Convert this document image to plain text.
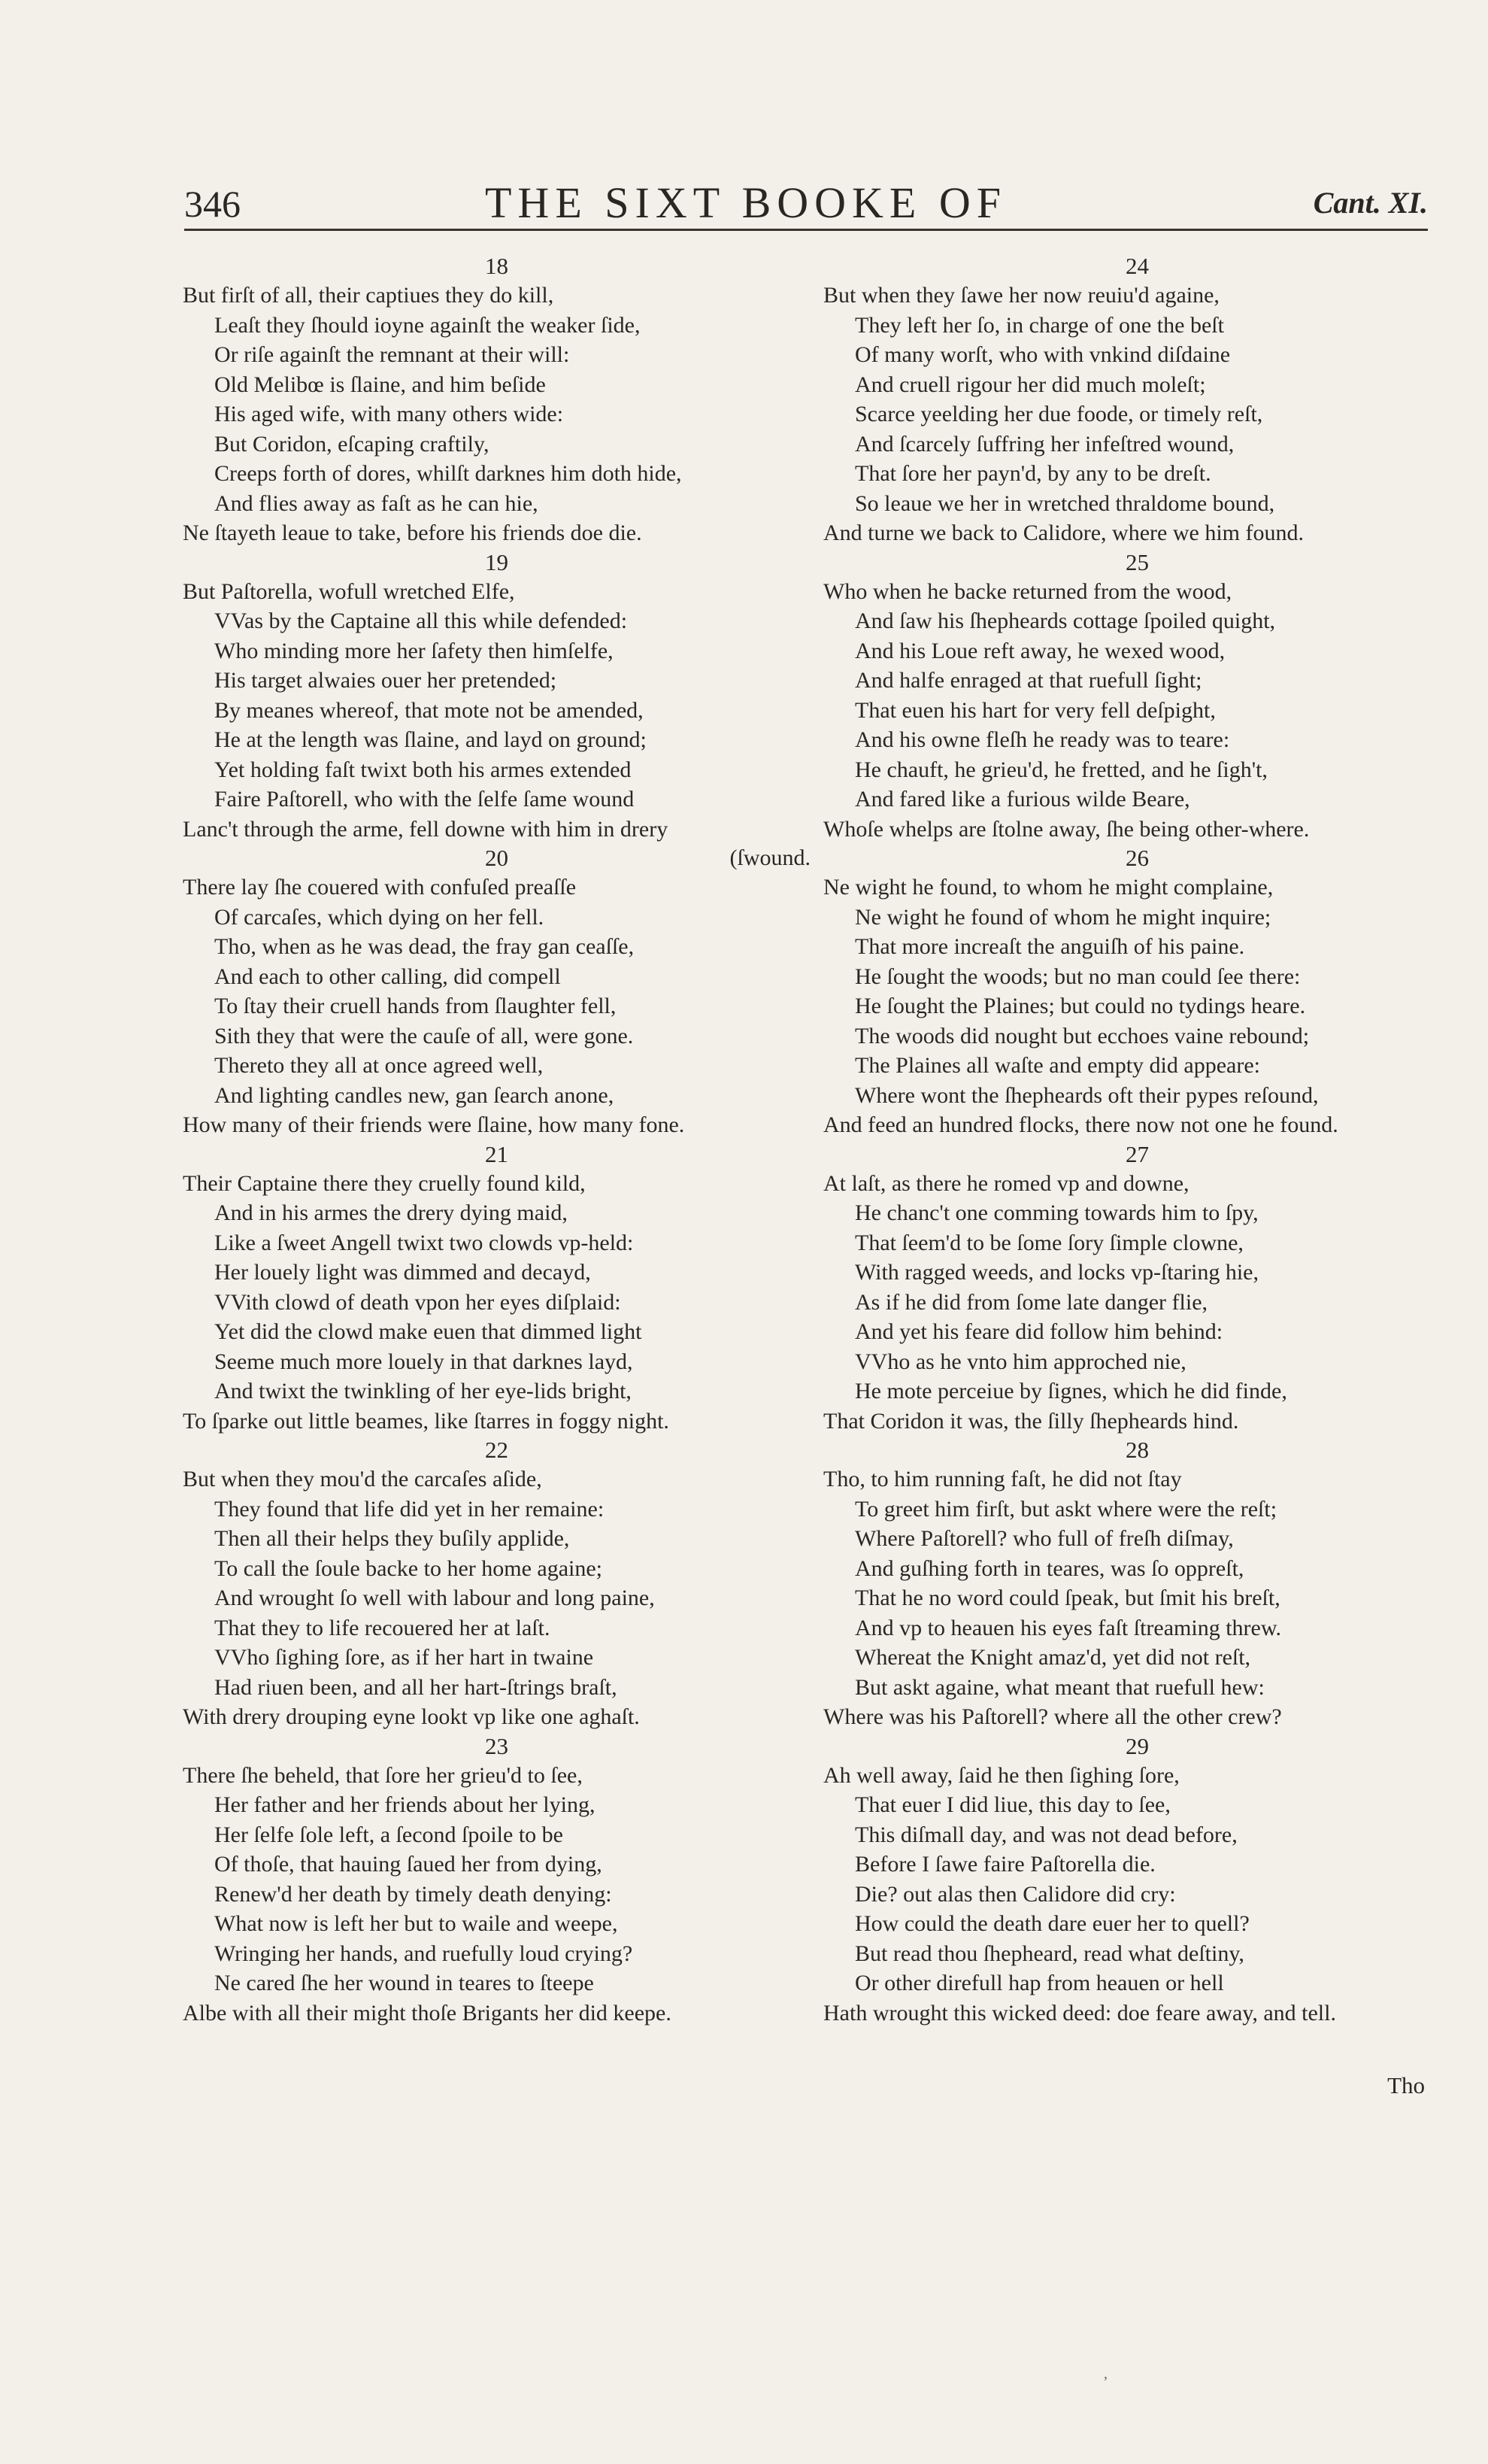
346	THE SIXT BOOKE OF	Cant. XI.
18
But firſt of all, their captiues they do kill,
Leaſt they ſhould ioyne againſt the weaker ſide,
Or riſe againſt the remnant at their will:
Old Melibœ is ſlaine, and him beſide
His aged wife, with many others wide:
But Coridon, eſcaping craftily,
Creeps forth of dores, whilſt darknes him doth hide,
And flies away as faſt as he can hie,
Ne ſtayeth leaue to take, before his friends doe die.
19
But Paſtorella, wofull wretched Elfe,
VVas by the Captaine all this while defended:
Who minding more her ſafety then himſelfe,
His target alwaies ouer her pretended;
By meanes whereof, that mote not be amended,
He at the length was ſlaine, and layd on ground;
Yet holding faſt twixt both his armes extended
Faire Paſtorell, who with the ſelfe ſame wound
Lanc't through the arme, fell downe with him in drery
20	(ſwound.
There lay ſhe couered with confuſed preaſſe
Of carcaſes, which dying on her fell.
Tho, when as he was dead, the fray gan ceaſſe,
And each to other calling, did compell
To ſtay their cruell hands from ſlaughter fell,
Sith they that were the cauſe of all, were gone.
Thereto they all at once agreed well,
And lighting candles new, gan ſearch anone,
How many of their friends were ſlaine, how many fone.
21
Their Captaine there they cruelly found kild,
And in his armes the drery dying maid,
Like a ſweet Angell twixt two clowds vp-held:
Her louely light was dimmed and decayd,
VVith clowd of death vpon her eyes diſplaid:
Yet did the clowd make euen that dimmed light
Seeme much more louely in that darknes layd,
And twixt the twinkling of her eye-lids bright,
To ſparke out little beames, like ſtarres in foggy night.
22
But when they mou'd the carcaſes aſide,
They found that life did yet in her remaine:
Then all their helps they buſily applide,
To call the ſoule backe to her home againe;
And wrought ſo well with labour and long paine,
That they to life recouered her at laſt.
VVho ſighing ſore, as if her hart in twaine
Had riuen been, and all her hart-ſtrings braſt,
With drery drouping eyne lookt vp like one aghaſt.
23
There ſhe beheld, that ſore her grieu'd to ſee,
Her father and her friends about her lying,
Her ſelfe ſole left, a ſecond ſpoile to be
Of thoſe, that hauing ſaued her from dying,
Renew'd her death by timely death denying:
What now is left her but to waile and weepe,
Wringing her hands, and ruefully loud crying?
Ne cared ſhe her wound in teares to ſteepe
Albe with all their might thoſe Brigants her did keepe.
24
But when they ſawe her now reuiu'd againe,
They left her ſo, in charge of one the beſt
Of many worſt, who with vnkind diſdaine
And cruell rigour her did much moleſt;
Scarce yeelding her due foode, or timely reſt,
And ſcarcely ſuffring her infeſtred wound,
That ſore her payn'd, by any to be dreſt.
So leaue we her in wretched thraldome bound,
And turne we back to Calidore, where we him found.
25
Who when he backe returned from the wood,
And ſaw his ſhepheards cottage ſpoiled quight,
And his Loue reft away, he wexed wood,
And halfe enraged at that ruefull ſight;
That euen his hart for very fell deſpight,
And his owne fleſh he ready was to teare:
He chauft, he grieu'd, he fretted, and he ſigh't,
And fared like a furious wilde Beare,
Whoſe whelps are ſtolne away, ſhe being other-where.
26
Ne wight he found, to whom he might complaine,
Ne wight he found of whom he might inquire;
That more increaſt the anguiſh of his paine.
He ſought the woods; but no man could ſee there:
He ſought the Plaines; but could no tydings heare.
The woods did nought but ecchoes vaine rebound;
The Plaines all waſte and empty did appeare:
Where wont the ſhepheards oft their pypes reſound,
And feed an hundred flocks, there now not one he found.
27
At laſt, as there he romed vp and downe,
He chanc't one comming towards him to ſpy,
That ſeem'd to be ſome ſory ſimple clowne,
With ragged weeds, and locks vp-ſtaring hie,
As if he did from ſome late danger flie,
And yet his feare did follow him behind:
VVho as he vnto him approched nie,
He mote perceiue by ſignes, which he did finde,
That Coridon it was, the ſilly ſhepheards hind.
28
Tho, to him running faſt, he did not ſtay
To greet him firſt, but askt where were the reſt;
Where Paſtorell? who full of freſh diſmay,
And guſhing forth in teares, was ſo oppreſt,
That he no word could ſpeak, but ſmit his breſt,
And vp to heauen his eyes faſt ſtreaming threw.
Whereat the Knight amaz'd, yet did not reſt,
But askt againe, what meant that ruefull hew:
Where was his Paſtorell? where all the other crew?
29
Ah well away, ſaid he then ſighing ſore,
That euer I did liue, this day to ſee,
This diſmall day, and was not dead before,
Before I ſawe faire Paſtorella die.
Die? out alas then Calidore did cry:
How could the death dare euer her to quell?
But read thou ſhepheard, read what deſtiny,
Or other direfull hap from heauen or hell
Hath wrought this wicked deed: doe feare away, and tell.
Tho
,
